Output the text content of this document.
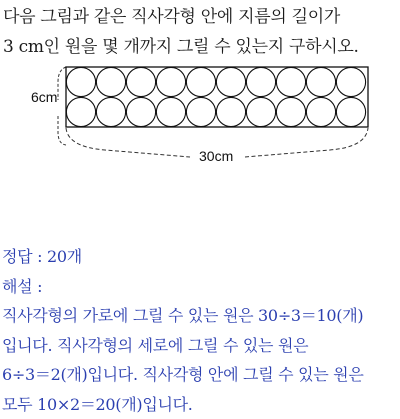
다음 그림과 같은 직사각형 안에 지름의 길이가
3 cm인 원을 몇 개까지 그릴 수 있는지 구하시오.
6cm
30cm

정답 : 20개

해설 :

직사각형의 가로에 그릴 수 있는 원은 30÷3＝10(개)

입니다. 직사각형의 세로에 그릴 수 있는 원은

6÷3＝2(개)입니다. 직사각형 안에 그릴 수 있는 원은

모두 10×2＝20(개)입니다.
